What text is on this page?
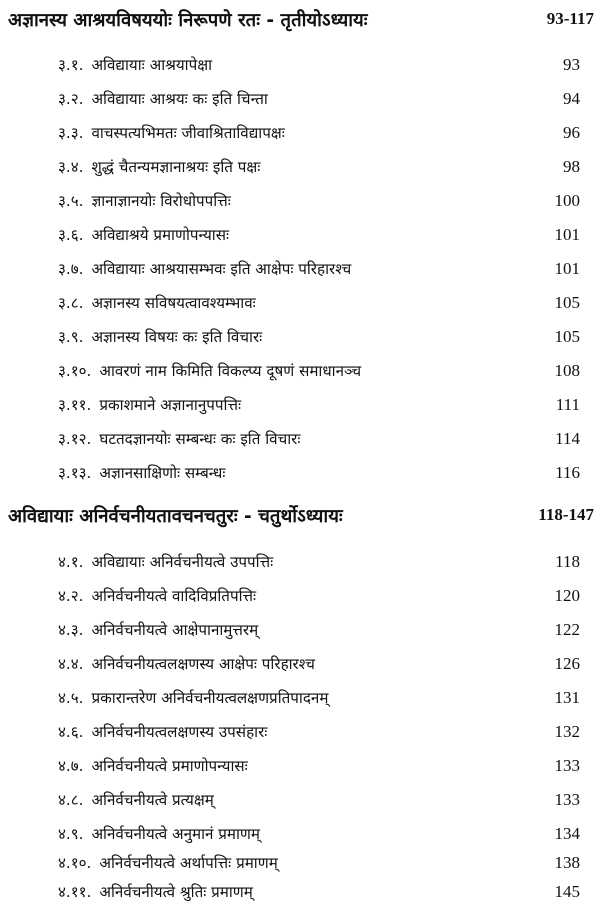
अज्ञानस्य आश्रयविषययोः निरूपणे रतः - तृतीयोऽध्यायः	93-117
३.१. अविद्यायाः आश्रयापेक्षा	93
३.२. अविद्यायाः आश्रयः कः इति चिन्ता	94
३.३. वाचस्पत्यभिमतः जीवाश्रिताविद्यापक्षः	96
३.४. शुद्धं चैतन्यमज्ञानाश्रयः इति पक्षः	98
३.५. ज्ञानाज्ञानयोः विरोधोपपत्तिः	100
३.६. अविद्याश्रये प्रमाणोपन्यासः	101
३.७. अविद्यायाः आश्रयासम्भवः इति आक्षेपः परिहारश्च	101
३.८. अज्ञानस्य सविषयत्वावश्यम्भावः	105
३.९. अज्ञानस्य विषयः कः इति विचारः	105
३.१०. आवरणं नाम किमिति विकल्प्य दूषणं समाधानञ्च	108
३.११. प्रकाशमाने अज्ञानानुपपत्तिः	111
३.१२. घटतदज्ञानयोः सम्बन्धः कः इति विचारः	114
३.१३. अज्ञानसाक्षिणोः सम्बन्धः	116
अविद्यायाः अनिर्वचनीयतावचनचतुरः - चतुर्थोऽध्यायः	118-147
४.१. अविद्यायाः अनिर्वचनीयत्वे उपपत्तिः	118
४.२. अनिर्वचनीयत्वे वादिविप्रतिपत्तिः	120
४.३. अनिर्वचनीयत्वे आक्षेपानामुत्तरम्	122
४.४. अनिर्वचनीयत्वलक्षणस्य आक्षेपः परिहारश्च	126
४.५. प्रकारान्तरेण अनिर्वचनीयत्वलक्षणप्रतिपादनम्	131
४.६. अनिर्वचनीयत्वलक्षणस्य उपसंहारः	132
४.७. अनिर्वचनीयत्वे प्रमाणोपन्यासः	133
४.८. अनिर्वचनीयत्वे प्रत्यक्षम्	133
४.९. अनिर्वचनीयत्वे अनुमानं प्रमाणम्	134
४.१०. अनिर्वचनीयत्वे अर्थापत्तिः प्रमाणम्	138
४.११. अनिर्वचनीयत्वे श्रुतिः प्रमाणम्	145
